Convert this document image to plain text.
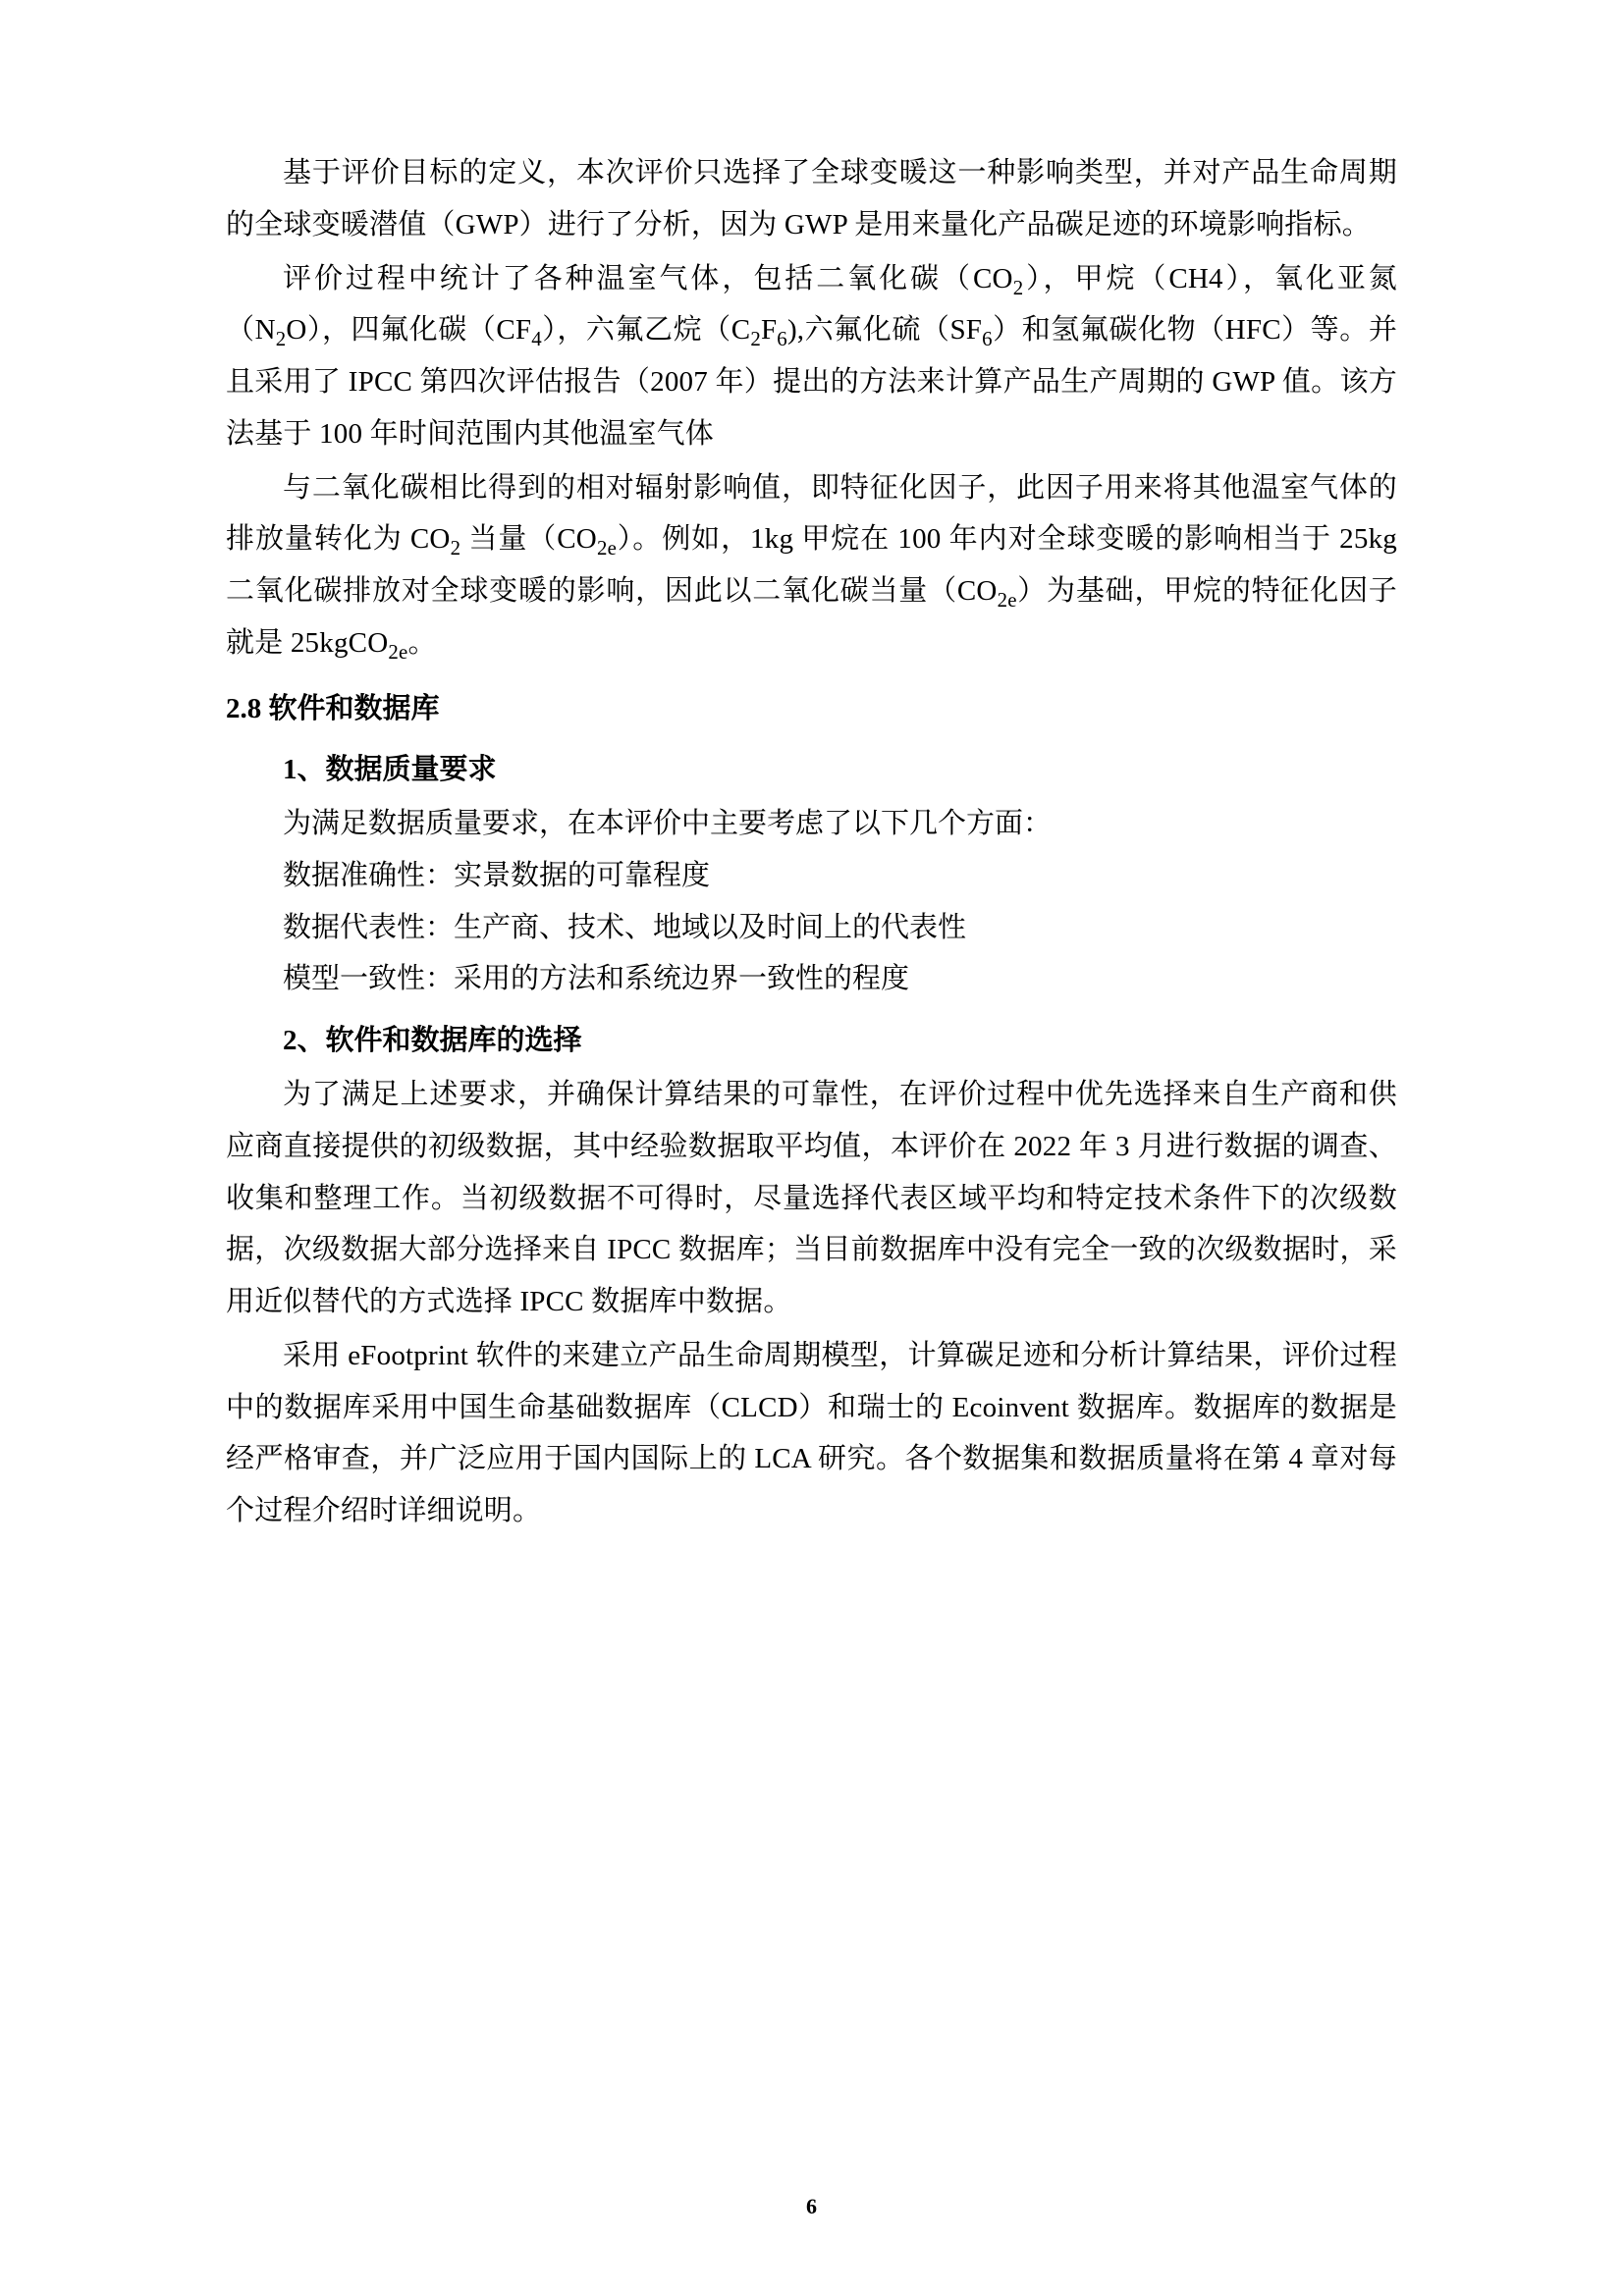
基于评价目标的定义，本次评价只选择了全球变暖这一种影响类型，并对产品生命周期的全球变暖潜值（GWP）进行了分析，因为 GWP 是用来量化产品碳足迹的环境影响指标。

评价过程中统计了各种温室气体，包括二氧化碳$(CO_2)$，甲烷（CH4），氧化亚氮$(N_2O)$，四氟化碳$(CF_4)$，六氟乙烷$(C_2F_6)$,六氟化硫$(SF_6)$和氢氟碳化物（HFC）等。并且采用了 IPCC 第四次评估报告（2007 年）提出的方法来计算产品生产周期的 GWP 值。该方法基于 100 年时间范围内其他温室气体

与二氧化碳相比得到的相对辐射影响值，即特征化因子，此因子用来将其他温室气体的排放量转化为 $CO_2$ 当量$(CO_{2e})$。例如，1kg 甲烷在 100 年内对全球变暖的影响相当于 25kg 二氧化碳排放对全球变暖的影响，因此以二氧化碳当量$(CO_{2e})$为基础，甲烷的特征化因子就是 25kgCO$_{2e}$。

2.8 软件和数据库
1、数据质量要求

为满足数据质量要求，在本评价中主要考虑了以下几个方面：

数据准确性：实景数据的可靠程度

数据代表性：生产商、技术、地域以及时间上的代表性

模型一致性：采用的方法和系统边界一致性的程度

2、软件和数据库的选择

为了满足上述要求，并确保计算结果的可靠性，在评价过程中优先选择来自生产商和供应商直接提供的初级数据，其中经验数据取平均值，本评价在 2022 年 3 月进行数据的调查、收集和整理工作。当初级数据不可得时，尽量选择代表区域平均和特定技术条件下的次级数据，次级数据大部分选择来自 IPCC 数据库；当目前数据库中没有完全一致的次级数据时，采用近似替代的方式选择 IPCC 数据库中数据。

采用 eFootprint 软件的来建立产品生命周期模型，计算碳足迹和分析计算结果，评价过程中的数据库采用中国生命基础数据库（CLCD）和瑞士的 Ecoinvent 数据库。数据库的数据是经严格审查，并广泛应用于国内国际上的 LCA 研究。各个数据集和数据质量将在第 4 章对每个过程介绍时详细说明。

6
